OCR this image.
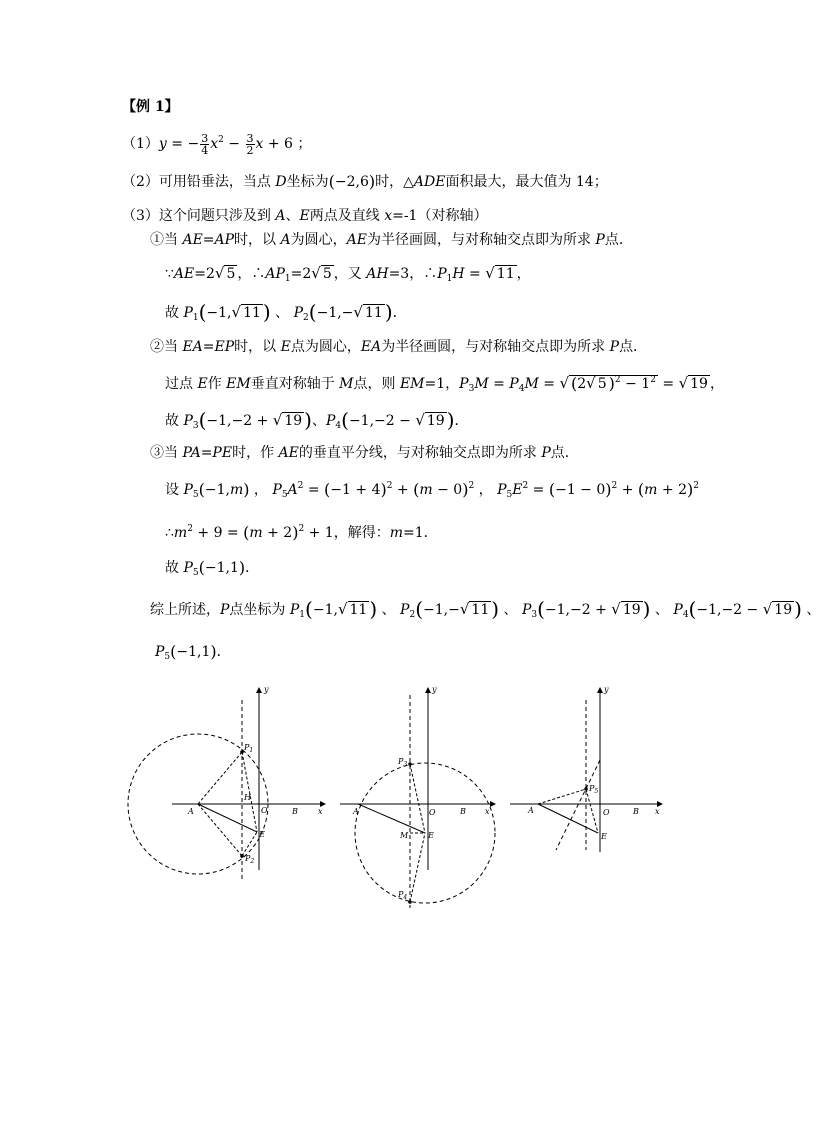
【例 1】
（1）y = − $\frac{3}{4} x^2 - \frac{3}{2}$ x + 6 ；
（2）可用铅垂法，当点 D坐标为(−2,6)时，△ADE面积最大，最大值为 14；
（3）这个问题只涉及到 A、E两点及直线 x=-1（对称轴）
①当 AE=AP时，以 A为圆心，AE为半径画圆，与对称轴交点即为所求 P点．
∵AE=2√ 5 ，$\therefore AP_1=2√$ 5 ，又 AH=3，$\therefore P_1H$ = √ 11 ，
故 $P_1(-1,√$ 11 ) 、 $P_2(-1,-√$ 11 )．
②当 EA=EP时，以 E点为圆心，EA为半径画圆，与对称轴交点即为所求 P点．
过点 E作 EM垂直对称轴于 M点，则 EM=1，$P_3M = P_4M$ = √ (2√ 5 )$^2 - 1^2$ = √ 19 ，
故 $P_3(-1,-2$ + √ 19 )、$P_4(-1,-2$ − √ 19 )．
③当 PA=PE时，作 AE的垂直平分线，与对称轴交点即为所求 P点．
设 $P_5(-1,m)$ ， $P_5A^2 = (-1 + 4)^2 + (m - 0)^2$ ， $P_5E^2 = (-1 - 0)^2 + (m + 2)^2$
$\therefore m^2 + 9 = (m + 2)^2 + 1$，解得：m=1．
故 $P_5(-1,1)$．
综上所述，P点坐标为 $P_1(-1,√$ 11 ) 、 $P_2(-1,-√$ 11 ) 、 $P_3(-1,-2$ + √ 19 ) 、 $P_4(-1,-2$ − √ 19 ) 、
$P_5(-1,1)$．
y
x
O
A	B
E
H
$P_1$
$P_2$
y
x
O
A	B
E
M
$P_3$
$P_4$
y
x
O
A	B
E
$P_5$
